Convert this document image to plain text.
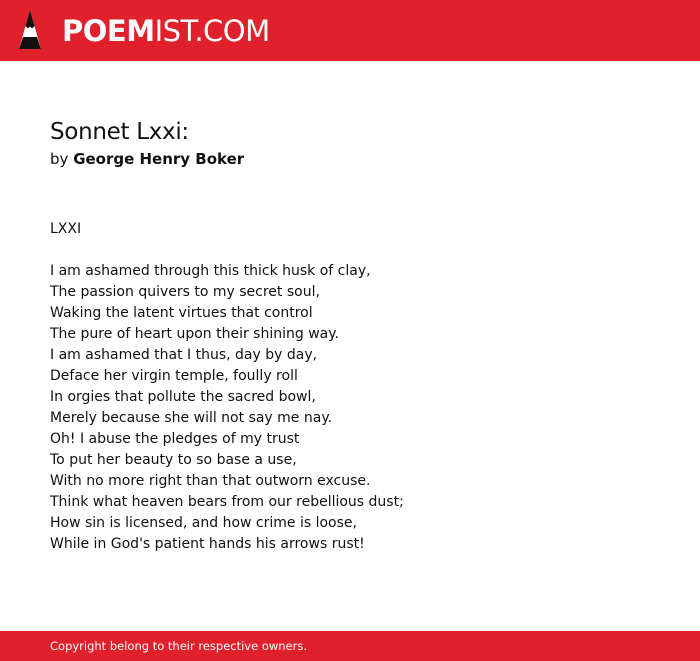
POEMIST.COM
Sonnet Lxxi:
by George Henry Boker
LXXI
I am ashamed through this thick husk of clay,
The passion quivers to my secret soul,
Waking the latent virtues that control
The pure of heart upon their shining way.
I am ashamed that I thus, day by day,
Deface her virgin temple, foully roll
In orgies that pollute the sacred bowl,
Merely because she will not say me nay.
Oh! I abuse the pledges of my trust
To put her beauty to so base a use,
With no more right than that outworn excuse.
Think what heaven bears from our rebellious dust;
How sin is licensed, and how crime is loose,
While in God's patient hands his arrows rust!
Copyright belong to their respective owners.
